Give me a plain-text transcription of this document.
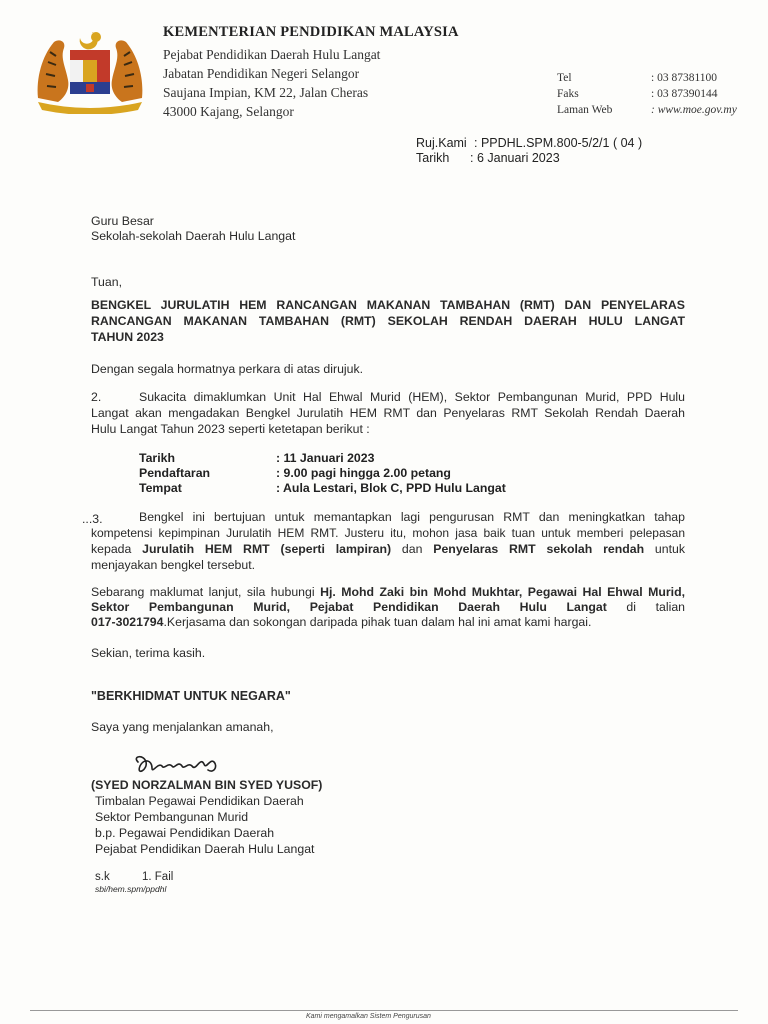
KEMENTERIAN PENDIDIKAN MALAYSIA
Pejabat Pendidikan Daerah Hulu Langat
Jabatan Pendidikan Negeri Selangor
Saujana Impian, KM 22, Jalan Cheras
43000 Kajang, Selangor
Tel	: 03 87381100
Faks	: 03 87390144
Laman Web	: www.moe.gov.my
Ruj.Kami : PPDHL.SPM.800-5/2/1 ( 04 )
Tarikh : 6 Januari 2023
Guru Besar
Sekolah-sekolah Daerah Hulu Langat
Tuan,
BENGKEL JURULATIH HEM RANCANGAN MAKANAN TAMBAHAN (RMT) DAN PENYELARAS
RANCANGAN MAKANAN TAMBAHAN (RMT) SEKOLAH RENDAH DAERAH HULU LANGAT
TAHUN 2023
Dengan segala hormatnya perkara di atas dirujuk.
2.	Sukacita dimaklumkan Unit Hal Ehwal Murid (HEM), Sektor Pembangunan Murid, PPD Hulu
Langat akan mengadakan Bengkel Jurulatih HEM RMT dan Penyelaras RMT Sekolah Rendah Daerah
Hulu Langat Tahun 2023 seperti ketetapan berikut :
Tarikh	: 11 Januari 2023
Pendaftaran	: 9.00 pagi hingga 2.00 petang
Tempat	: Aula Lestari, Blok C, PPD Hulu Langat
...3.	Bengkel ini bertujuan untuk memantapkan lagi pengurusan RMT dan meningkatkan tahap
kompetensi kepimpinan Jurulatih HEM RMT. Justeru itu, mohon jasa baik tuan untuk memberi pelepasan
kepada Jurulatih HEM RMT (seperti lampiran) dan Penyelaras RMT sekolah rendah untuk
menjayakan bengkel tersebut.
Sebarang maklumat lanjut, sila hubungi Hj. Mohd Zaki bin Mohd Mukhtar, Pegawai Hal Ehwal Murid,
Sektor Pembangunan Murid, Pejabat Pendidikan Daerah Hulu Langat di talian
017-3021794.Kerjasama dan sokongan daripada pihak tuan dalam hal ini amat kami hargai.
Sekian, terima kasih.
"BERKHIDMAT UNTUK NEGARA"
Saya yang menjalankan amanah,
(SYED NORZALMAN BIN SYED YUSOF)
Timbalan Pegawai Pendidikan Daerah
Sektor Pembangunan Murid
b.p. Pegawai Pendidikan Daerah
Pejabat Pendidikan Daerah Hulu Langat
s.k	1. Fail
sbi/hem.spm/ppdhl
Kami mengamalkan Sistem Pengurusan
